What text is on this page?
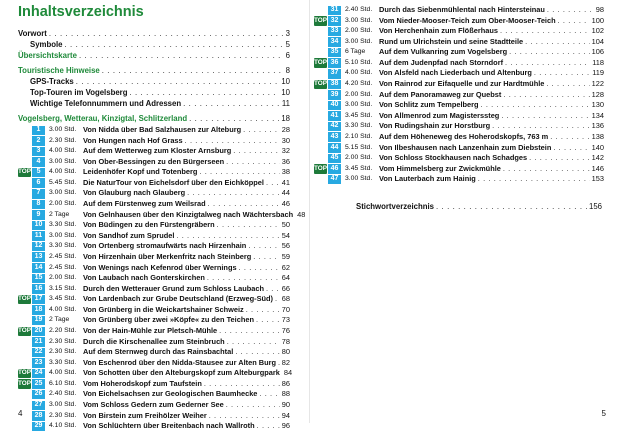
Inhaltsverzeichnis
Vorwort . . .	3
Symbole . . .	5
Übersichtskarte . . .	6
Touristische Hinweise . . .	8
GPS-Tracks . . .	10
Top-Touren im Vogelsberg . . .	10
Wichtige Telefonnummern und Adressen . . .	11
Vogelsberg, Wetterau, Kinzigtal, Schlitzerland . . .	18
1	3.00 Std. Von Nidda über Bad Salzhausen zur Alteburg . . .	28
2	2.30 Std. Von Hungen nach Hof Grass . . .	30
3	4.00 Std. Auf dem Wetterweg zum Kloster Arnsburg . . .	32
4	3.00 Std. Von Ober-Bessingen zu den Bürgerseen . . .	36
TOP 5	4.00 Std. Leidenhöfer Kopf und Totenberg . . .	38
6	5.45 Std. Die NaturTour von Eichelsdorf über den Eichköppel . . . 41
7	3.00 Std. Von Glauburg nach Glauberg . . .	44
8	2.00 Std. Auf dem Fürstenweg zum Weilsrad . . .	46
9	2 Tage	Von Gelnhausen über den Kinzigtalweg nach Wächtersbach 48
10 3.30 Std. Von Büdingen zu den Fürstengräbern . . .	50
11 3.00 Std. Von Sandhof zum Sprudel . . .	54
12 3.30 Std. Von Ortenberg stromaufwärts nach Hirzenhain . . .	56
13 2.45 Std. Von Hirzenhain über Merkenfritz nach Steinberg . . .	59
14 2.45 Std. Von Wenings nach Kefenrod über Wernings . . .	62
15 2.00 Std. Von Laubach nach Gonterskirchen . . .	64
16 3.15 Std. Durch den Wetterauer Grund zum Schloss Laubach . . . 66
TOP 17 3.45 Std. Von Lardenbach zur Grube Deutschland (Erzweg-Süd) . . . 68
18 4.00 Std. Von Grünberg in die Weickartshainer Schweiz . . .	70
19 2 Tage	Von Grünberg über zwei »Köpfe« zu den Teichen . . .	73
TOP 20 2.20 Std. Von der Hain-Mühle zur Pletsch-Mühle . . .	76
21 2.30 Std. Durch die Kirschenallee zum Steinbruch . . .	78
22 2.30 Std. Auf dem Sternweg durch das Rainsbachtal . . .	80
23 3.30 Std. Von Eschenrod über den Nidda-Stausee zur Alten Burg . . . 82
TOP 24 4.00 Std. Von Schotten über den Alteburgskopf zum Alteburgpark 84
TOP 25 6.10 Std. Vom Hoherodskopf zum Taufstein . . .	86
26 2.40 Std. Von Eichelsachsen zur Geologischen Baumhecke . . .	88
27 3.00 Std. Vom Schloss Gedern zum Gederner See . . .	90
28 2.30 Std. Von Birstein zum Freihölzer Weiher . . .	94
29 4.10 Std. Von Schlüchtern über Breitenbach nach Wallroth . . .	96
4
31 2.40 Std. Durch das Siebenmühlental nach Hintersteinau . . .	98
TOP 32 3.00 Std. Vom Nieder-Mooser-Teich zum Ober-Mooser-Teich . . .	100
33 2.00 Std. Von Herchenhain zum Flößerhaus . . .	102
34 3.00 Std. Rund um Ulrichstein und seine Stadtteile . . .	104
35 6 Tage	Auf dem Vulkanring zum Vogelsberg . . .	106
TOP 36 5.10 Std. Auf dem Judenpfad nach Storndorf . . .	118
37 4.00 Std. Von Alsfeld nach Liederbach und Altenburg . . .	119
TOP 38 4.20 Std. Von Rainrod zur Eifaquelle und zur Hardtmühle . . .	122
39 2.00 Std. Auf dem Panoramaweg zur Quebst . . .	128
40 3.00 Std. Von Schlitz zum Tempelberg . . .	130
41 3.45 Std. Von Allmenrod zum Magisterssteg . . .	134
42 3.30 Std. Von Rudingshain zur Horstburg . . .	136
43 2.10 Std. Auf dem Höheneweg des Hoherodskopfs, 763 m . . .	138
44 5.15 Std. Von Ilbeshausen nach Lanzenhain zum Diebstein . . .	140
45 2.00 Std. Von Schloss Stockhausen nach Schadges . . .	142
TOP 46 3.45 Std. Vom Himmelsberg zur Zwickmühle . . .	146
47 3.00 Std. Von Lauterbach zum Hainig . . .	153
Stichwortverzeichnis . . .	156
5
